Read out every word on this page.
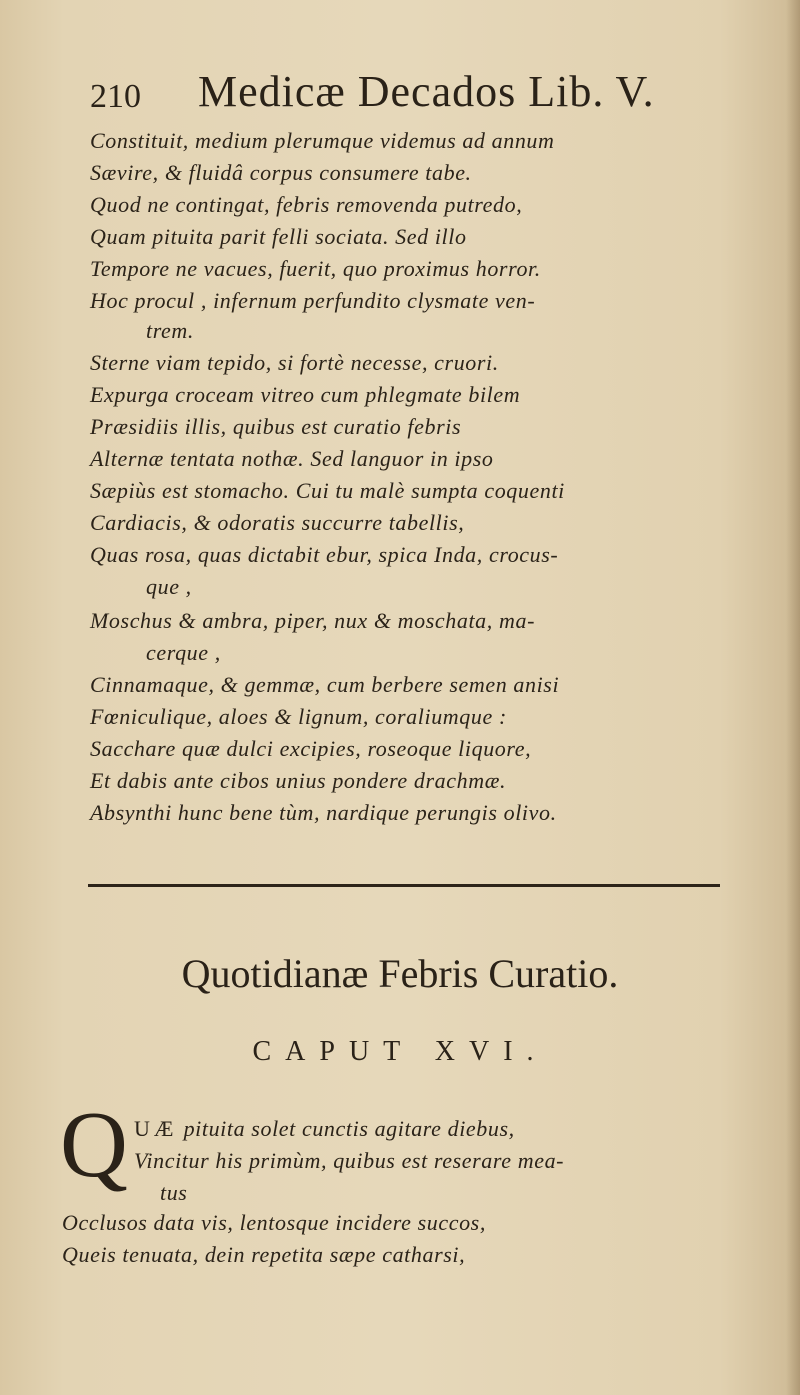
210 Medicæ Decados Lib. V.

Constituit, medium plerumque videmus ad annum

Sævire, & fluidâ corpus consumere tabe.

Quod ne contingat, febris removenda putredo,

Quam pituita parit felli sociata. Sed illo

Tempore ne vacues, fuerit, quo proximus horror.

Hoc procul , infernum perfundito clysmate ven-

trem.

Sterne viam tepido, si fortè necesse, cruori.

Expurga croceam vitreo cum phlegmate bilem

Præsidiis illis, quibus est curatio febris

Alternæ tentata nothæ. Sed languor in ipso

Sæpiùs est stomacho. Cui tu malè sumpta coquenti

Cardiacis, & odoratis succurre tabellis,

Quas rosa, quas dictabit ebur, spica Inda, crocus-

que ,

Moschus & ambra, piper, nux & moschata, ma-

cerque ,

Cinnamaque, & gemmæ, cum berbere semen anisi

Fœniculique, aloes & lignum, coraliumque :

Sacchare quæ dulci excipies, roseoque liquore,

Et dabis ante cibos unius pondere drachmæ.

Absynthi hunc bene tùm, nardique perungis olivo.

Quotidianæ Febris Curatio.
CAPUT XVI.
Q UÆ pituita solet cunctis agitare diebus,

Vincitur his primùm, quibus est reserare mea-

tus

Occlusos data vis, lentosque incidere succos,

Queis tenuata, dein repetita sæpe catharsi,
